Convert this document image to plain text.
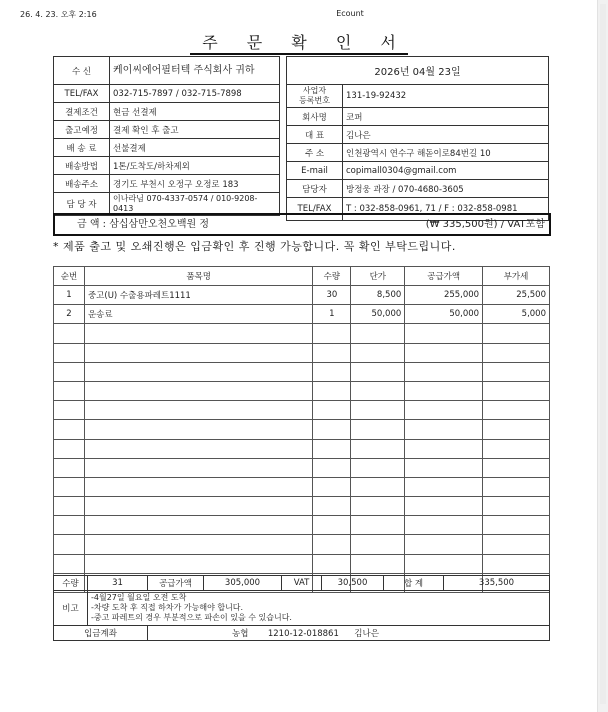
26. 4. 23. 오후 2:16	Ecount
주 문 확 인 서
수 신	케이씨에어필터텍 주식회사 귀하
TEL/FAX	032-715-7897 / 032-715-7898
결제조건	현금 선결제
출고예정	결제 확인 후 출고
배 송 료	선불결제
배송방법	1톤/도착도/하차제외
배송주소	경기도 부천시 오정구 오정로 183
담 당 자	이나라님 070-4337-0574 / 010-9208-0413
2026년 04월 23일	
사업자
등록번호	131-19-92432
회사명	코퍼
대 표	김나은
주 소	인천광역시 연수구 해돋이로84번길 10
E-mail	copimall0304@gmail.com
담당자	방정웅 과장 / 070-4680-3605
TEL/FAX	T : 032-858-0961, 71 / F : 032-858-0981
금 액 : 삼십삼만오천오백원 정	(₩ 335,500원) / VAT포함
* 제품 출고 및 오쇄진행은 입금확인 후 진행 가능합니다. 꼭 확인 부탁드립니다.
순번	품목명	수량	단가	공급가액	부가세
1	중고(U) 수출용파레트1111	30	8,500	255,000	25,500
2	운송료	1	50,000	50,000	5,000

수량	31	공급가액	305,000	VAT	30,500	합 계	335,500
비고	-4월27일 월요일 오전 도착
-차량 도착 후 직접 하차가 가능해야 합니다.
-중고 파레트의 경우 부분적으로 파손이 있을 수 있습니다.						

입금계좌		농협 1210-12-018861 김나은					
